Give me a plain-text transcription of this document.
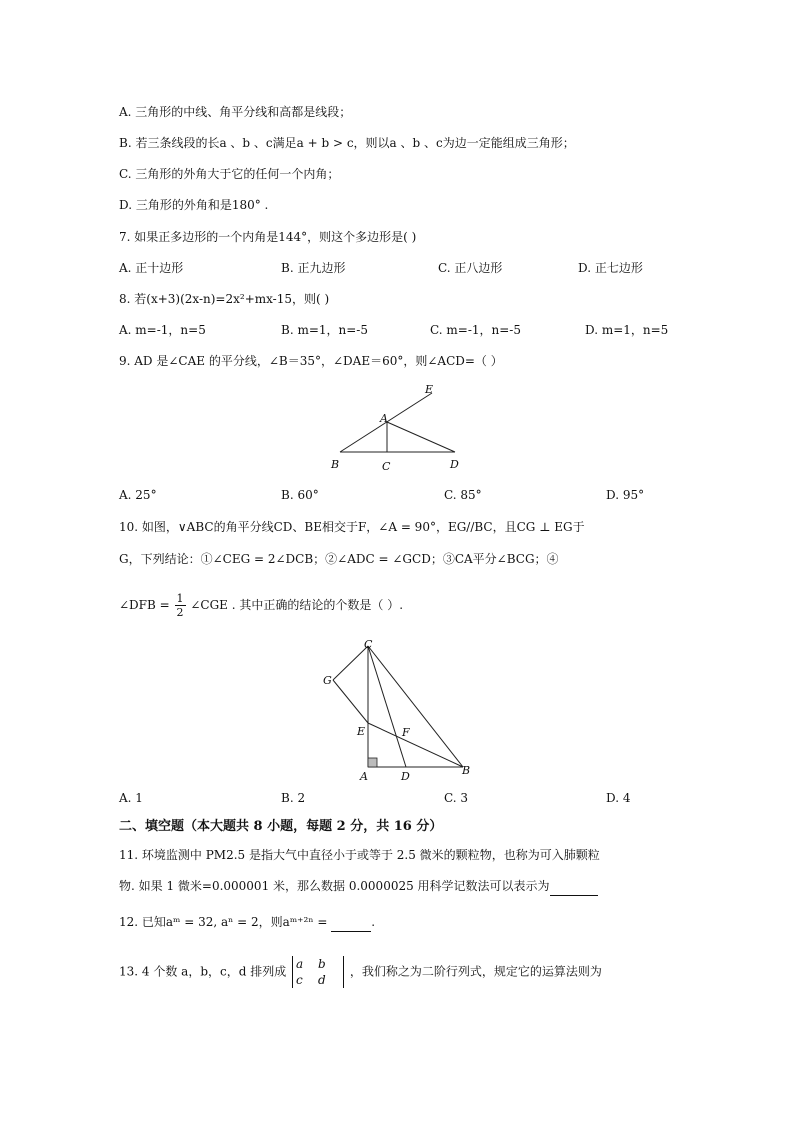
A. 三角形的中线、角平分线和高都是线段；
B. 若三条线段的长a 、b 、c满足a + b > c，则以a 、b 、c为边一定能组成三角形；
C. 三角形的外角大于它的任何一个内角；
D. 三角形的外角和是180° .
7. 如果正多边形的一个内角是144°，则这个多边形是( )
A. 正十边形	B. 正九边形	C. 正八边形	D. 正七边形
8. 若(x+3)(2x-n)=2x²+mx-15，则( )
A. m=-1，n=5	B. m=1，n=-5	C. m=-1，n=-5	D. m=1，n=5
9. AD 是∠CAE 的平分线，∠B＝35°，∠DAE＝60°，则∠ACD=（ ）
E
A
B	C	D
A. 25°	B. 60°	C. 85°	D. 95°
10. 如图，∨ABC的角平分线CD、BE相交于F，∠A = 90°，EG//BC，且CG ⊥ EG于
G，下列结论：①∠CEG = 2∠DCB；②∠ADC = ∠GCD；③CA平分∠BCG；④
∠DFB = $\frac{1}{2}$ ∠CGE . 其中正确的结论的个数是（ ）.
C
G
E	F
A	D	B
A. 1	B. 2	C. 3	D. 4
二、填空题（本大题共 8 小题，每题 2 分，共 16 分）
11. 环境监测中 PM2.5 是指大气中直径小于或等于 2.5 微米的颗粒物，也称为可入肺颗粒
物. 如果 1 微米=0.000001 米，那么数据 0.0000025 用科学记数法可以表示为
12. 已知aᵐ = 32, aⁿ = 2，则aᵐ⁺²ⁿ =	.
13. 4 个数 a，b，c，d 排列成 a b
c d ，我们称之为二阶行列式，规定它的运算法则为
